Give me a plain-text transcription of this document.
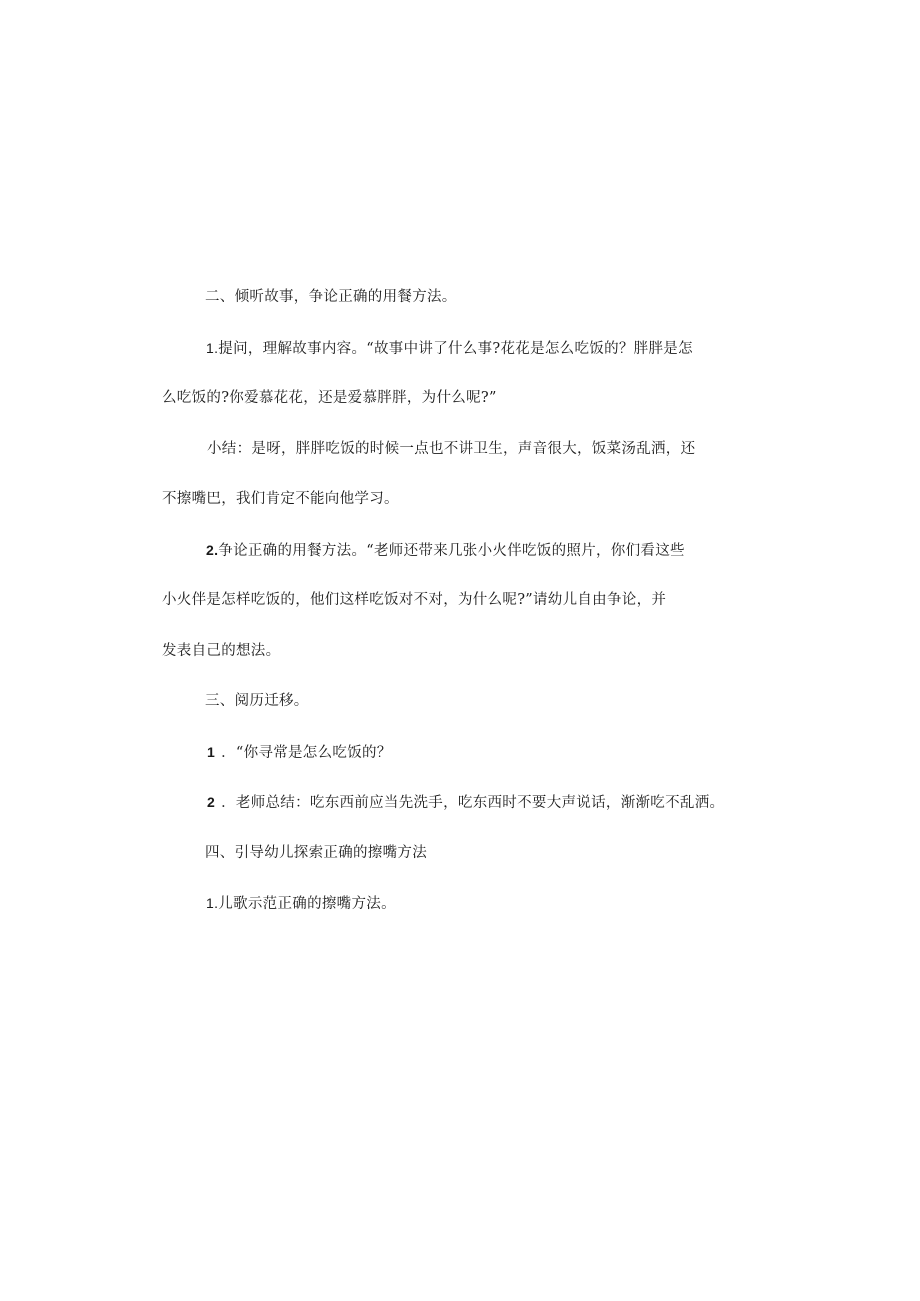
二、倾听故事，争论正确的用餐方法。
1.提问，理解故事内容。“故事中讲了什么事?花花是怎么吃饭的？胖胖是怎
么吃饭的?你爱慕花花，还是爱慕胖胖，为什么呢?”
小结：是呀，胖胖吃饭的时候一点也不讲卫生，声音很大，饭菜汤乱洒，还
不擦嘴巴，我们肯定不能向他学习。
2.争论正确的用餐方法。“老师还带来几张小火伴吃饭的照片，你们看这些
小火伴是怎样吃饭的，他们这样吃饭对不对，为什么呢?”请幼儿自由争论，并
发表自己的想法。
三、阅历迁移。
1 ．“你寻常是怎么吃饭的？
2 ．老师总结：吃东西前应当先洗手，吃东西时不要大声说话，渐渐吃不乱洒。
四、引导幼儿探索正确的擦嘴方法
1.儿歌示范正确的擦嘴方法。
